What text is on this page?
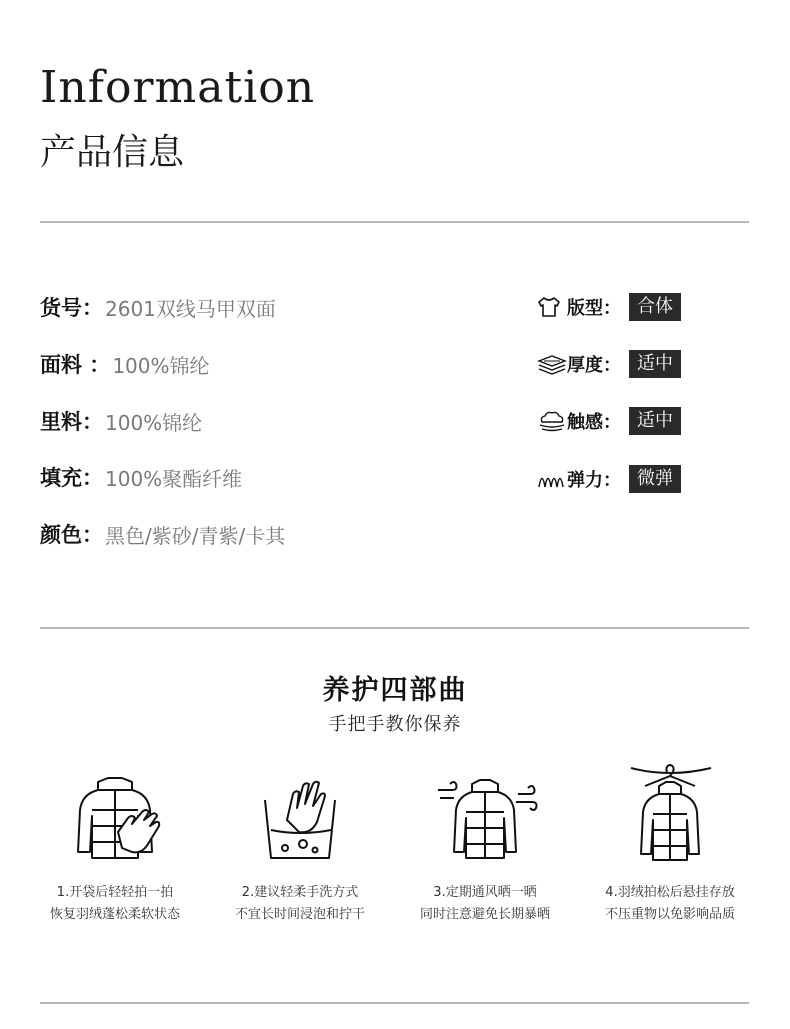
Information
产品信息
货号： 2601双线马甲双面
面料 ： 100%锦纶
里料： 100%锦纶
填充： 100%聚酯纤维
颜色： 黑色/紫砂/青紫/卡其
版型： 合体
厚度： 适中
触感： 适中
弹力： 微弹
养护四部曲
手把手教你保养
1.开袋后轻轻拍一拍
恢复羽绒蓬松柔软状态
2.建议轻柔手洗方式
不宜长时间浸泡和拧干
3.定期通风晒一晒
同时注意避免长期暴晒
4.羽绒拍松后悬挂存放
不压重物以免影响品质
